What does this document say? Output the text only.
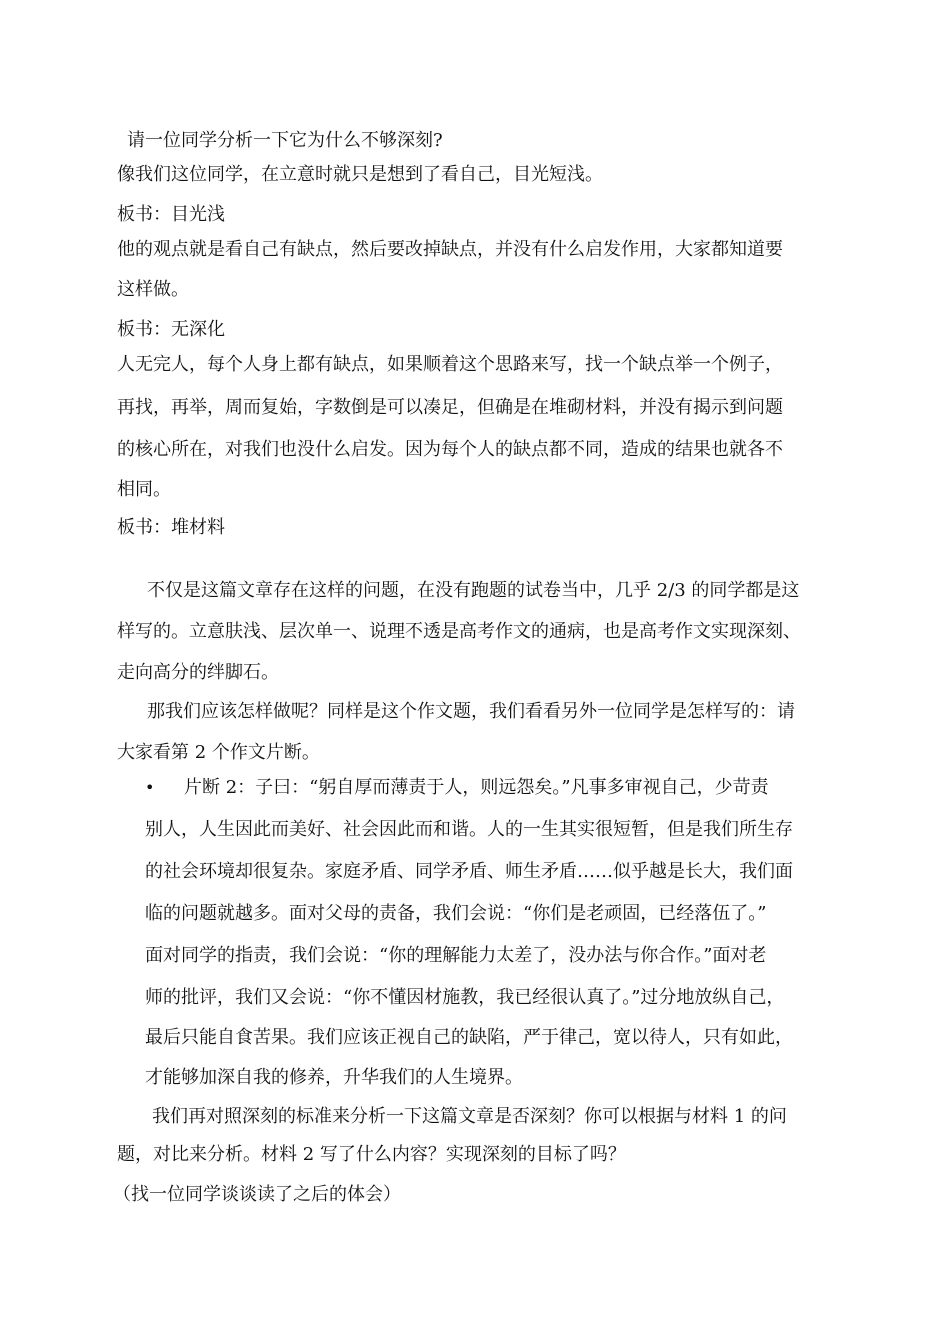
请一位同学分析一下它为什么不够深刻?
像我们这位同学，在立意时就只是想到了看自己，目光短浅。
板书：目光浅
他的观点就是看自己有缺点，然后要改掉缺点，并没有什么启发作用，大家都知道要
这样做。
板书：无深化
人无完人，每个人身上都有缺点，如果顺着这个思路来写，找一个缺点举一个例子，
再找，再举，周而复始，字数倒是可以凑足，但确是在堆砌材料，并没有揭示到问题
的核心所在，对我们也没什么启发。因为每个人的缺点都不同，造成的结果也就各不
相同。
板书：堆材料
不仅是这篇文章存在这样的问题，在没有跑题的试卷当中，几乎 2/3 的同学都是这
样写的。立意肤浅、层次单一、说理不透是高考作文的通病，也是高考作文实现深刻、
走向高分的绊脚石。
那我们应该怎样做呢？同样是这个作文题，我们看看另外一位同学是怎样写的：请
大家看第 2 个作文片断。
• 片断 2：子曰：“躬自厚而薄责于人，则远怨矣。”凡事多审视自己，少苛责
别人，人生因此而美好、社会因此而和谐。人的一生其实很短暂，但是我们所生存
的社会环境却很复杂。家庭矛盾、同学矛盾、师生矛盾……似乎越是长大，我们面
临的问题就越多。面对父母的责备，我们会说：“你们是老顽固，已经落伍了。”
面对同学的指责，我们会说：“你的理解能力太差了，没办法与你合作。”面对老
师的批评，我们又会说：“你不懂因材施教，我已经很认真了。”过分地放纵自己，
最后只能自食苦果。我们应该正视自己的缺陷，严于律己，宽以待人，只有如此，
才能够加深自我的修养，升华我们的人生境界。
我们再对照深刻的标准来分析一下这篇文章是否深刻？你可以根据与材料 1 的问
题，对比来分析。材料 2 写了什么内容？实现深刻的目标了吗？
（找一位同学谈谈读了之后的体会）
